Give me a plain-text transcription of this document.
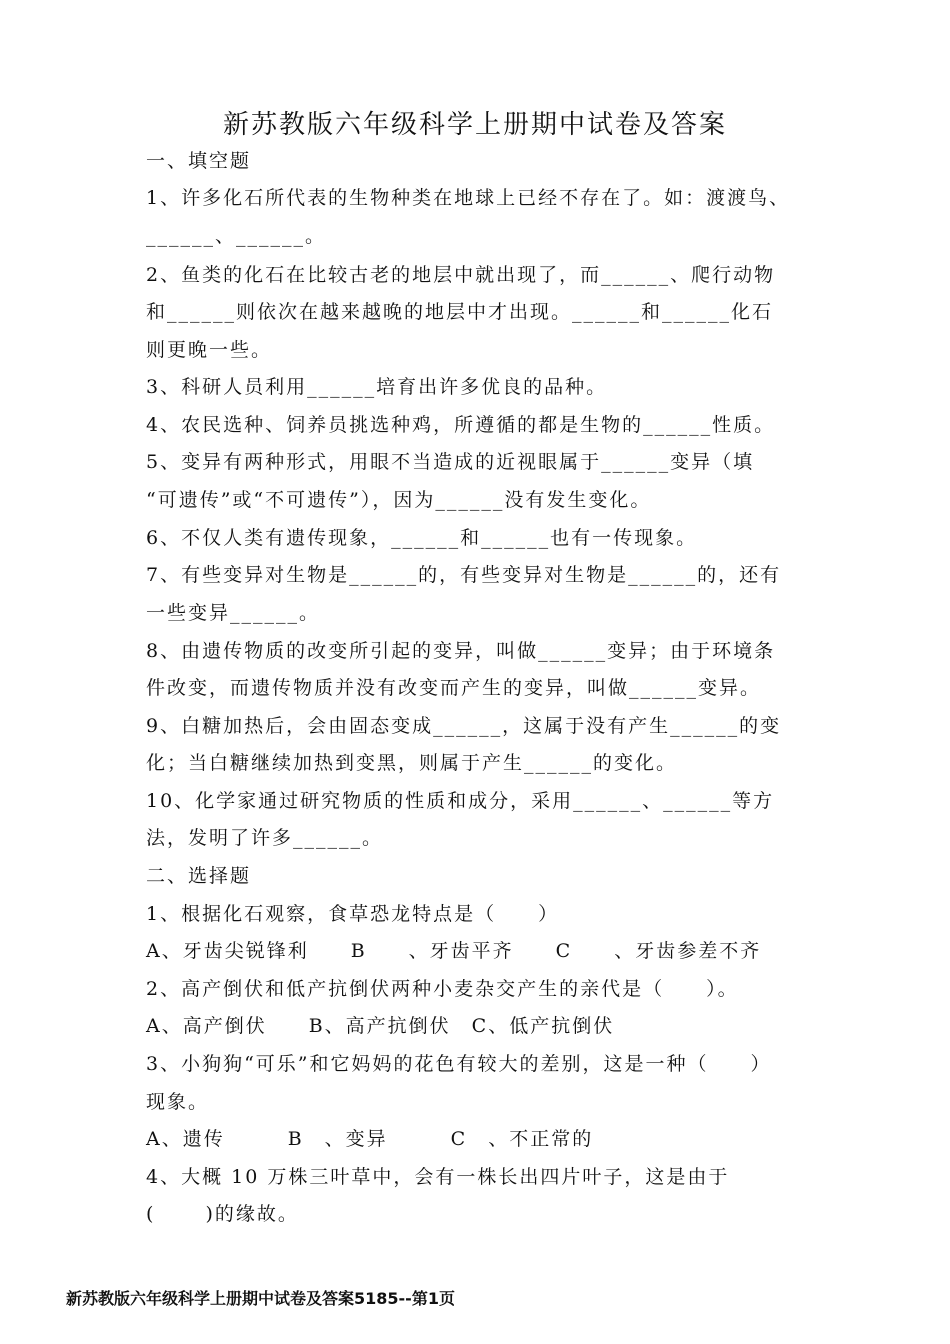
新苏教版六年级科学上册期中试卷及答案
一、填空题
1、许多化石所代表的生物种类在地球上已经不存在了。如：渡渡鸟、
______、______。
2、鱼类的化石在比较古老的地层中就出现了，而______、爬行动物
和______则依次在越来越晚的地层中才出现。______和______化石
则更晚一些。
3、科研人员利用______培育出许多优良的品种。
4、农民选种、饲养员挑选种鸡，所遵循的都是生物的______性质。
5、变异有两种形式，用眼不当造成的近视眼属于______变异（填
“可遗传”或“不可遗传”），因为______没有发生变化。
6、不仅人类有遗传现象，______和______也有一传现象。
7、有些变异对生物是______的，有些变异对生物是______的，还有
一些变异______。
8、由遗传物质的改变所引起的变异，叫做______变异；由于环境条
件改变，而遗传物质并没有改变而产生的变异，叫做______变异。
9、白糖加热后，会由固态变成______，这属于没有产生______的变
化；当白糖继续加热到变黑，则属于产生______的变化。
10、化学家通过研究物质的性质和成分，采用______、______等方
法，发明了许多______。
二、选择题
1、根据化石观察，食草恐龙特点是（　　）
A、牙齿尖锐锋利　　B　　、牙齿平齐　　C　　、牙齿参差不齐
2、高产倒伏和低产抗倒伏两种小麦杂交产生的亲代是（　　）。
A、高产倒伏　　B、高产抗倒伏　C、低产抗倒伏
3、小狗狗“可乐”和它妈妈的花色有较大的差别，这是一种（　　）
现象。
A、遗传　　　B　、变异　　　C　、不正常的
4、大概 10 万株三叶草中，会有一株长出四片叶子，这是由于
(　　 )的缘故。
新苏教版六年级科学上册期中试卷及答案5185--第1页
